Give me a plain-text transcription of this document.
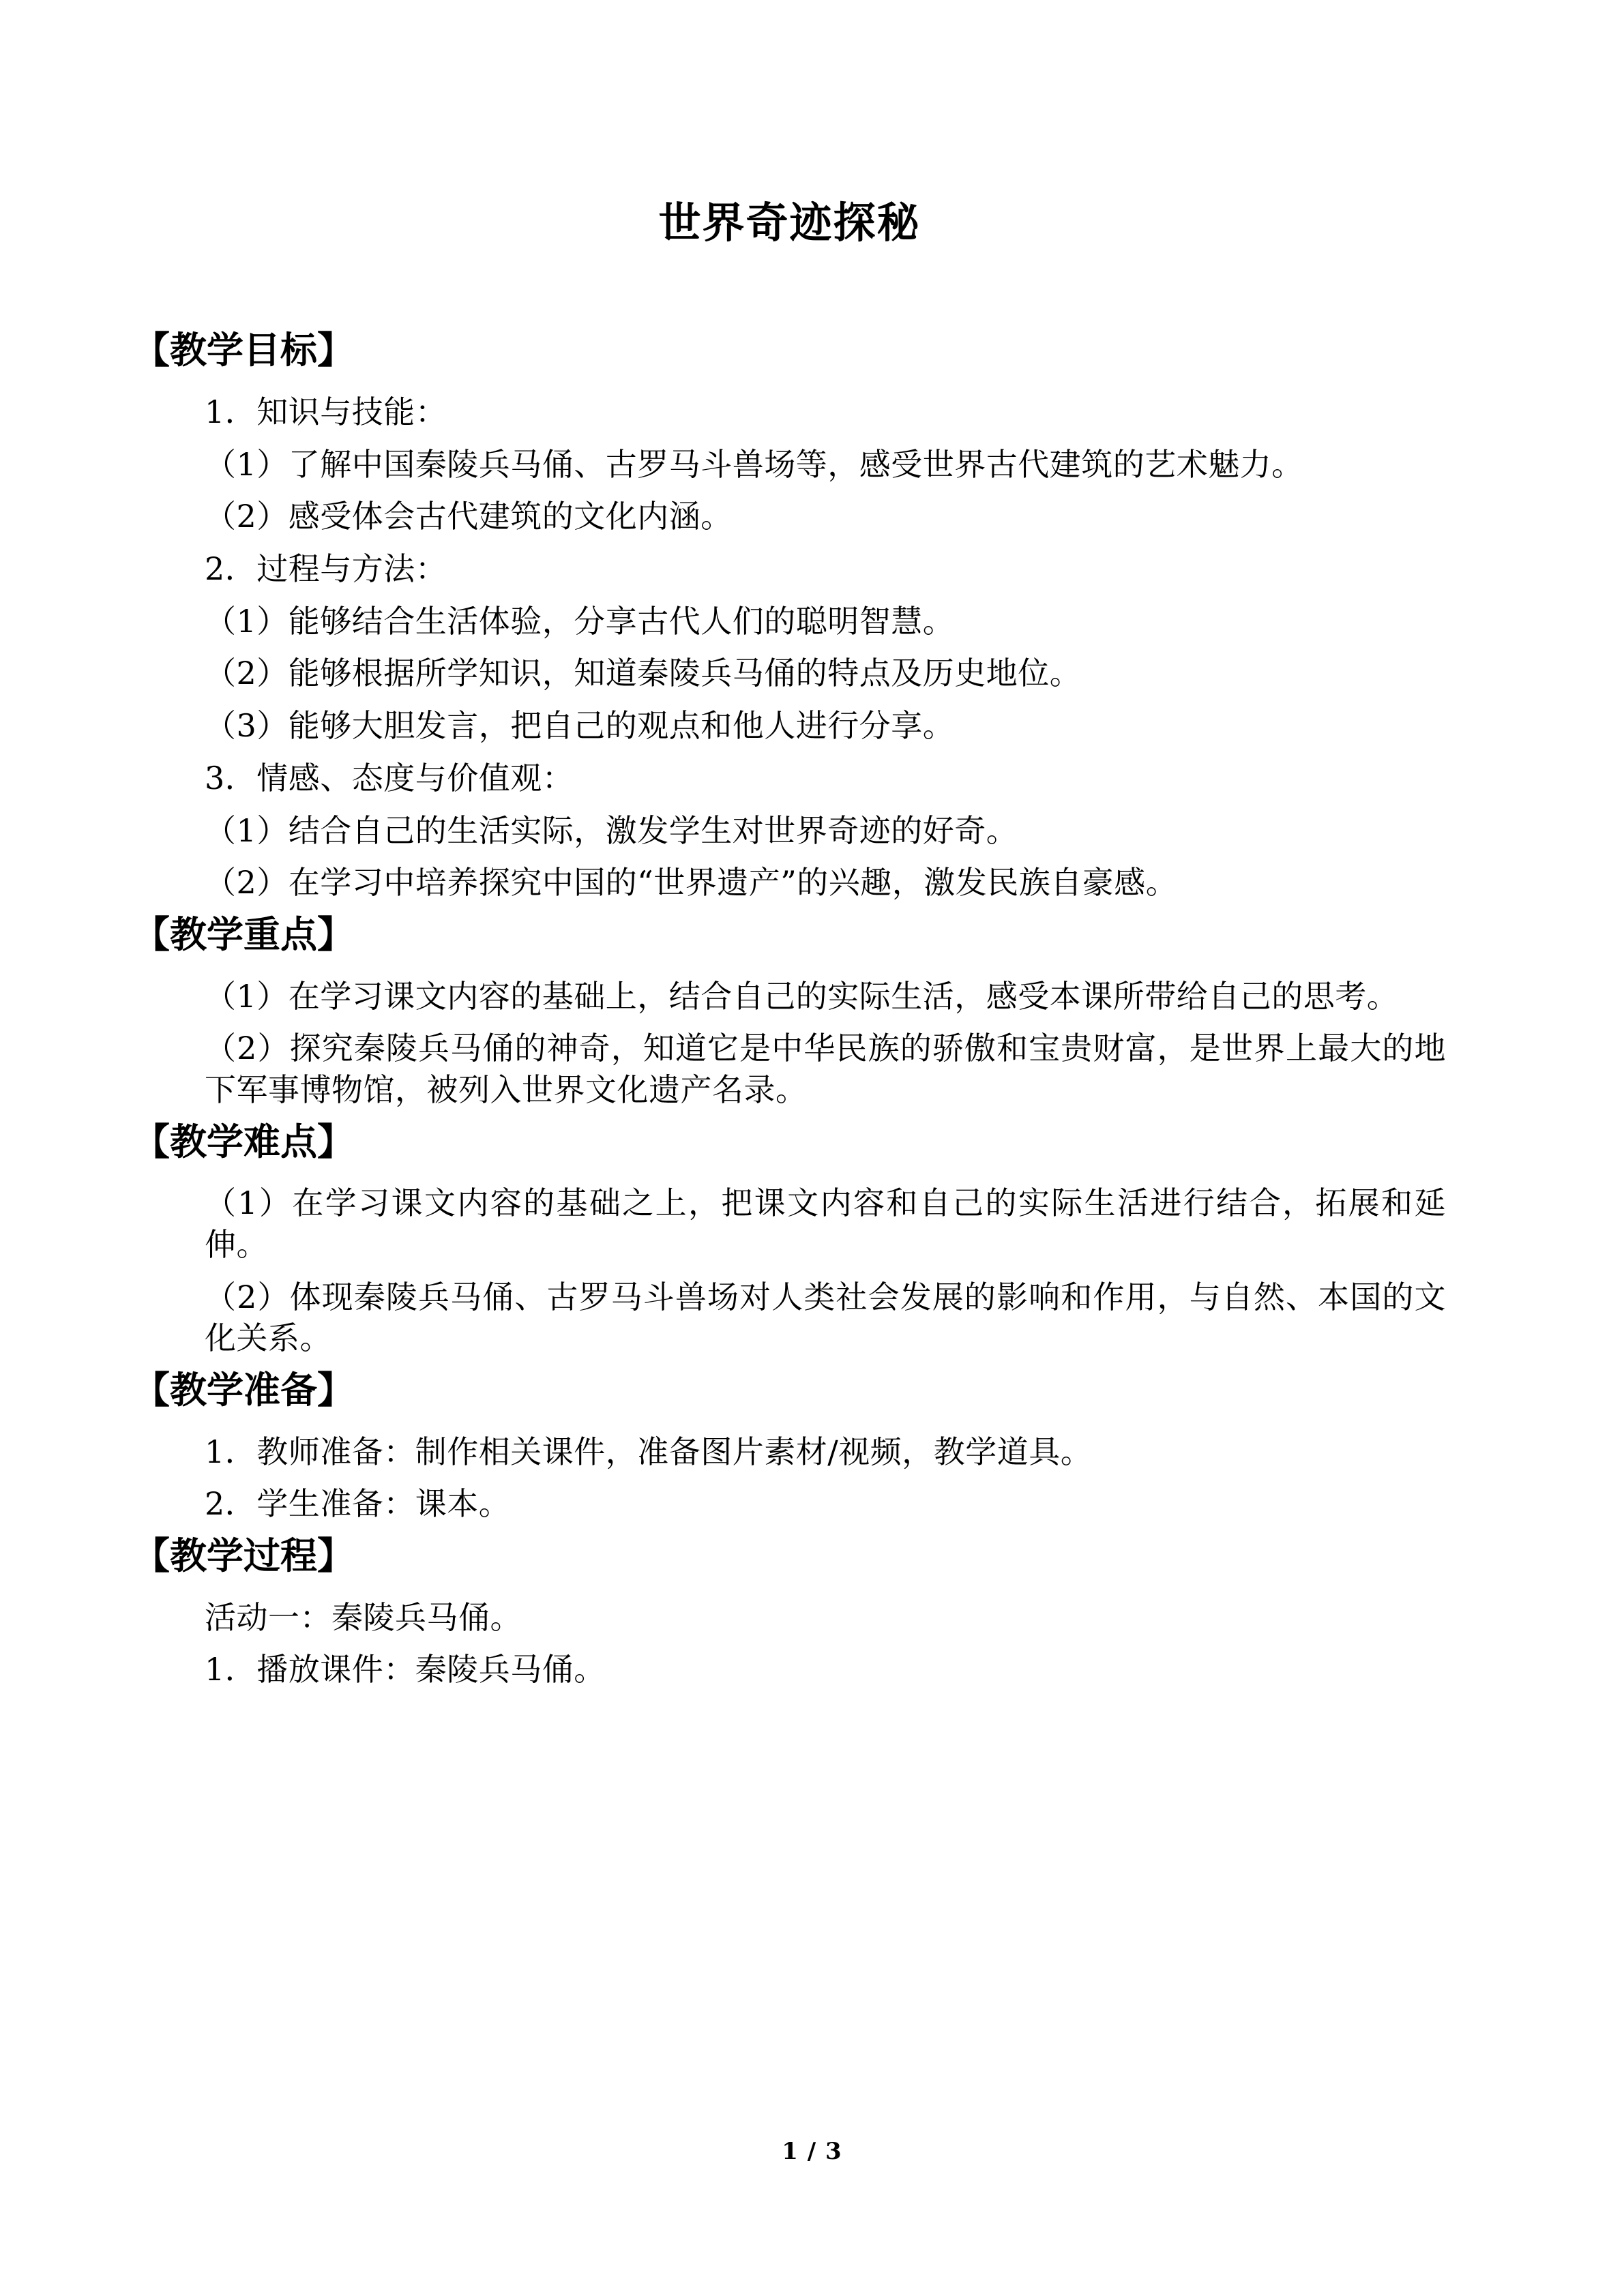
世界奇迹探秘
【教学目标】
1．知识与技能：
（1）了解中国秦陵兵马俑、古罗马斗兽场等，感受世界古代建筑的艺术魅力。
（2）感受体会古代建筑的文化内涵。
2．过程与方法：
（1）能够结合生活体验，分享古代人们的聪明智慧。
（2）能够根据所学知识，知道秦陵兵马俑的特点及历史地位。
（3）能够大胆发言，把自己的观点和他人进行分享。
3．情感、态度与价值观：
（1）结合自己的生活实际，激发学生对世界奇迹的好奇。
（2）在学习中培养探究中国的“世界遗产”的兴趣，激发民族自豪感。
【教学重点】
（1）在学习课文内容的基础上，结合自己的实际生活，感受本课所带给自己的思考。
（2）探究秦陵兵马俑的神奇，知道它是中华民族的骄傲和宝贵财富，是世界上最大的地下军事博物馆，被列入世界文化遗产名录。
【教学难点】
（1）在学习课文内容的基础之上，把课文内容和自己的实际生活进行结合，拓展和延伸。
（2）体现秦陵兵马俑、古罗马斗兽场对人类社会发展的影响和作用，与自然、本国的文化关系。
【教学准备】
1．教师准备：制作相关课件，准备图片素材/视频，教学道具。
2．学生准备：课本。
【教学过程】
活动一：秦陵兵马俑。
1．播放课件：秦陵兵马俑。
1 / 3
